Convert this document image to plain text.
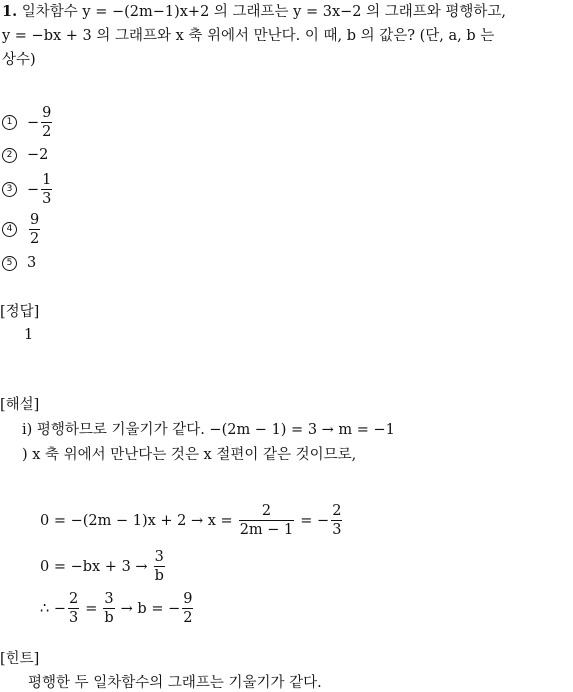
1. 일차함수 y = −(2m−1)x+2 의 그래프는 y = 3x−2 의 그래프와 평행하고,
y = −bx + 3 의 그래프와 x 축 위에서 만난다. 이 때, b 의 값은? (단, a, b 는
상수)
1	− $\frac{9}{2}$
2	−2
3	− $\frac{1}{3}$
4	$\frac{9}{2}$
5	3
[정답]
1
[해설]
i) 평행하므로 기울기가 같다. −(2m − 1) = 3 → m = −1
) x 축 위에서 만난다는 것은 x 절편이 같은 것이므로,
$0 = -(2m - 1)x + 2 \to x = \frac{2}{2m - 1}$ = − $\frac{2}{3}$
$0 = -bx + 3 \to \frac{3}{b}$
∴ − $\frac{2}{3} = \frac{3}{b} \to b$ = − $\frac{9}{2}$
[힌트]
평행한 두 일차함수의 그래프는 기울기가 같다.
